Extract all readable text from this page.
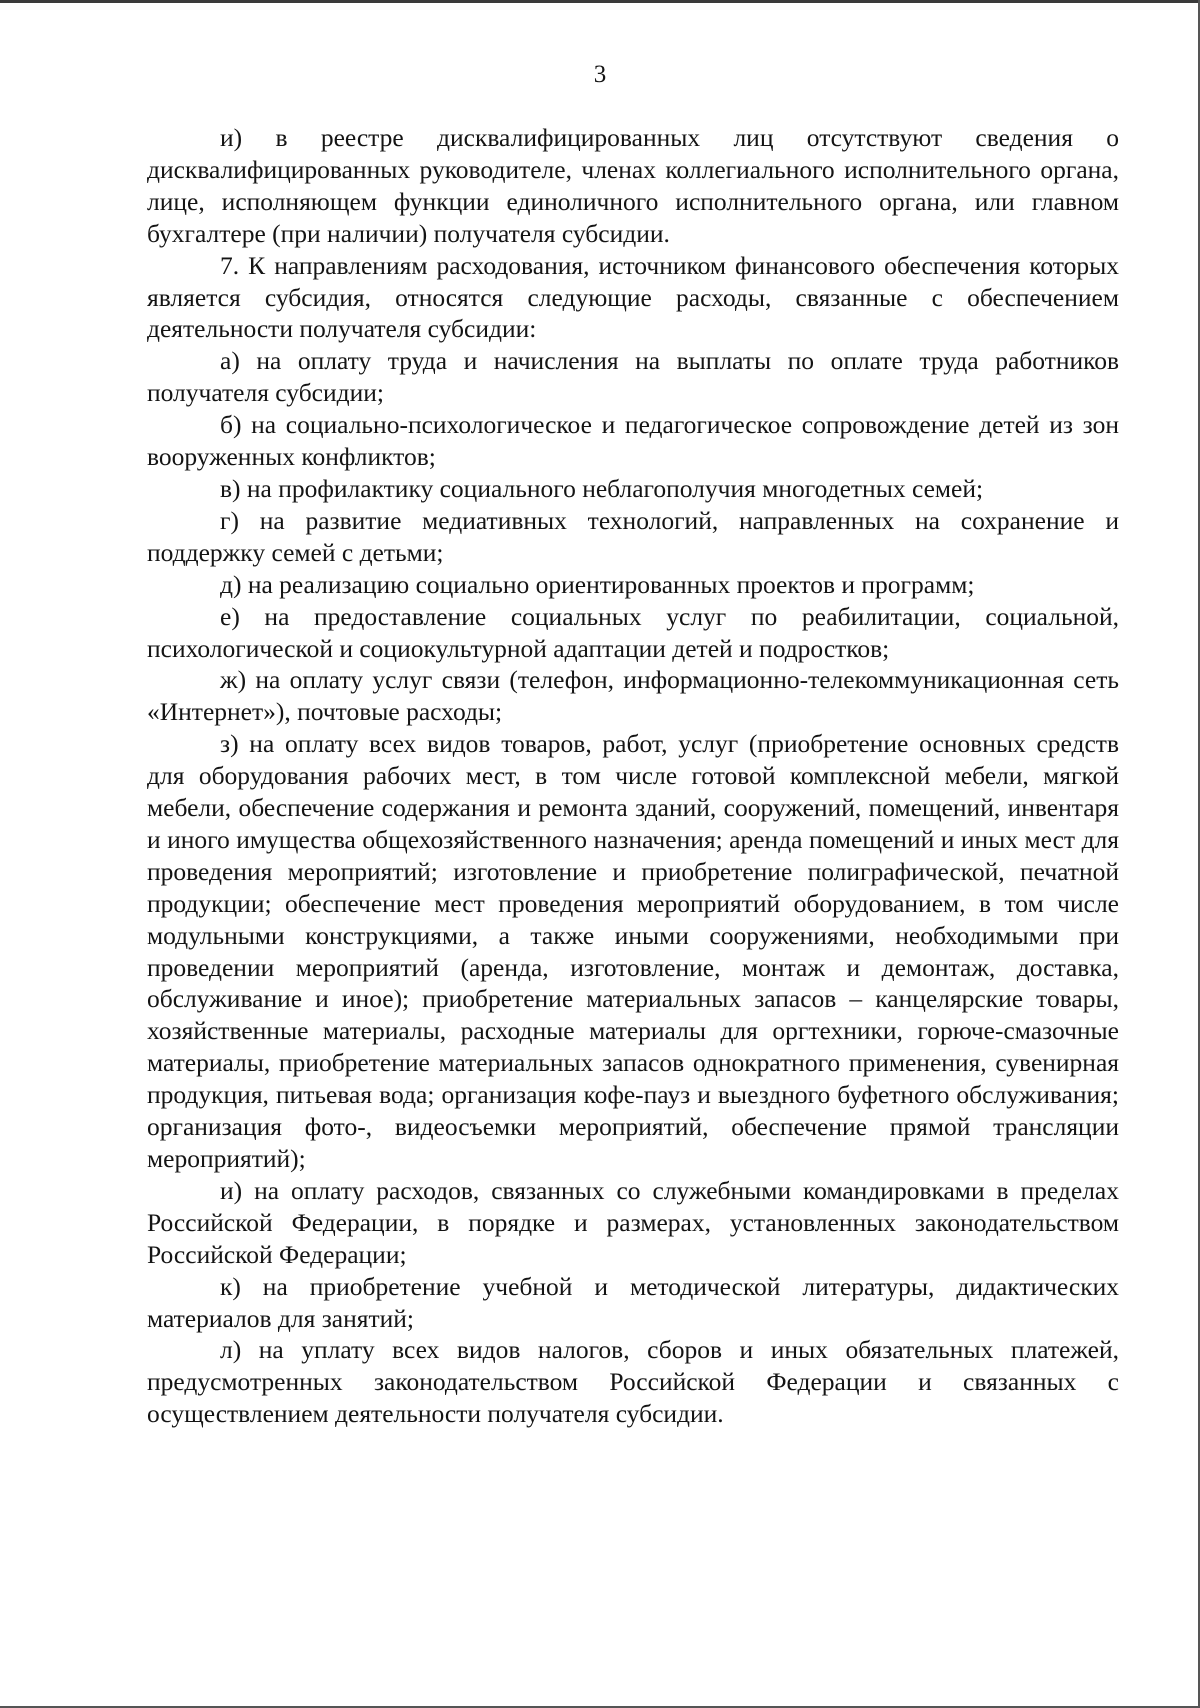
3

и) в реестре дисквалифицированных лиц отсутствуют сведения о дисквалифицированных руководителе, членах коллегиального исполнительного органа, лице, исполняющем функции единоличного исполнительного органа, или главном бухгалтере (при наличии) получателя субсидии.

7. К направлениям расходования, источником финансового обеспечения которых является субсидия, относятся следующие расходы, связанные с обеспечением деятельности получателя субсидии:

а) на оплату труда и начисления на выплаты по оплате труда работников получателя субсидии;

б) на социально-психологическое и педагогическое сопровождение детей из зон вооруженных конфликтов;

в) на профилактику социального неблагополучия многодетных семей;

г) на развитие медиативных технологий, направленных на сохранение и поддержку семей с детьми;

д) на реализацию социально ориентированных проектов и программ;

е) на предоставление социальных услуг по реабилитации, социальной, психологической и социокультурной адаптации детей и подростков;

ж) на оплату услуг связи (телефон, информационно-телекоммуникационная сеть «Интернет»), почтовые расходы;

з) на оплату всех видов товаров, работ, услуг (приобретение основных средств для оборудования рабочих мест, в том числе готовой комплексной мебели, мягкой мебели, обеспечение содержания и ремонта зданий, сооружений, помещений, инвентаря и иного имущества общехозяйственного назначения; аренда помещений и иных мест для проведения мероприятий; изготовление и приобретение полиграфической, печатной продукции; обеспечение мест проведения мероприятий оборудованием, в том числе модульными конструкциями, а также иными сооружениями, необходимыми при проведении мероприятий (аренда, изготовление, монтаж и демонтаж, доставка, обслуживание и иное); приобретение материальных запасов – канцелярские товары, хозяйственные материалы, расходные материалы для оргтехники, горюче-смазочные материалы, приобретение материальных запасов однократного применения, сувенирная продукция, питьевая вода; организация кофе-пауз и выездного буфетного обслуживания; организация фото-, видеосъемки мероприятий, обеспечение прямой трансляции мероприятий);

и) на оплату расходов, связанных со служебными командировками в пределах Российской Федерации, в порядке и размерах, установленных законодательством Российской Федерации;

к) на приобретение учебной и методической литературы, дидактических материалов для занятий;

л) на уплату всех видов налогов, сборов и иных обязательных платежей, предусмотренных законодательством Российской Федерации и связанных с осуществлением деятельности получателя субсидии.
